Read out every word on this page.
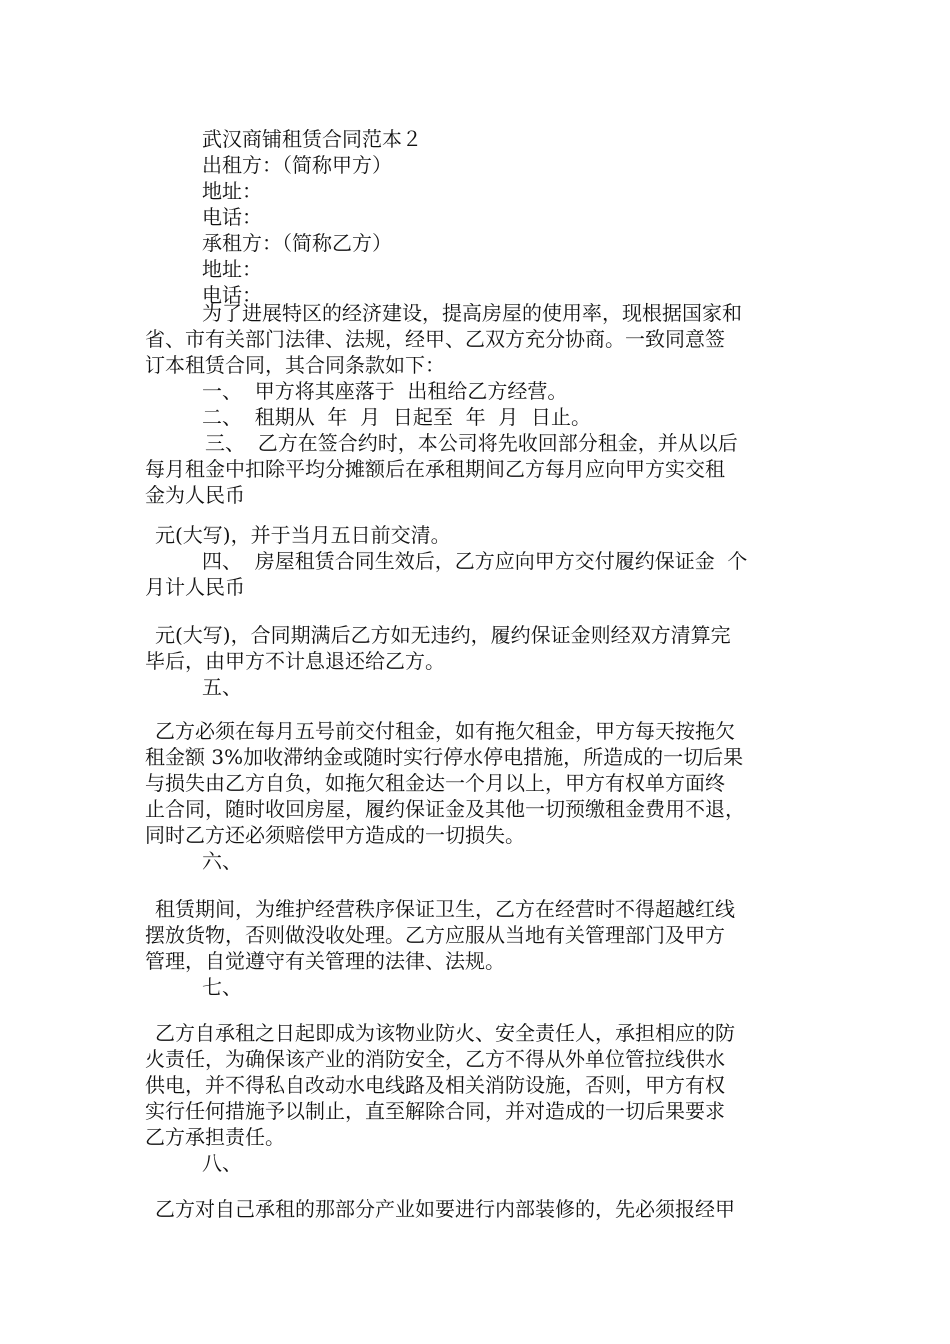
武汉商铺租赁合同范本２
出租方：（简称甲方）
地址：
电话：
承租方：（简称乙方）
地址：
电话：
为了进展特区的经济建设，提高房屋的使用率，现根据国家和
省、市有关部门法律、法规，经甲、乙双方充分协商。一致同意签
订本租赁合同，其合同条款如下：
一、  甲方将其座落于  出租给乙方经营。
二、  租期从  年  月  日起至  年  月  日止。
三、  乙方在签合约时，本公司将先收回部分租金，并从以后
每月租金中扣除平均分摊额后在承租期间乙方每月应向甲方实交租
金为人民币
元(大写)，并于当月五日前交清。
四、  房屋租赁合同生效后，乙方应向甲方交付履约保证金  个
月计人民币
元(大写)，合同期满后乙方如无违约，履约保证金则经双方清算完
毕后，由甲方不计息退还给乙方。
五、
乙方必须在每月五号前交付租金，如有拖欠租金，甲方每天按拖欠
租金额 3%加收滞纳金或随时实行停水停电措施，所造成的一切后果
与损失由乙方自负，如拖欠租金达一个月以上，甲方有权单方面终
止合同，随时收回房屋，履约保证金及其他一切预缴租金费用不退，
同时乙方还必须赔偿甲方造成的一切损失。
六、
租赁期间，为维护经营秩序保证卫生，乙方在经营时不得超越红线
摆放货物，否则做没收处理。乙方应服从当地有关管理部门及甲方
管理，自觉遵守有关管理的法律、法规。
七、
乙方自承租之日起即成为该物业防火、安全责任人，承担相应的防
火责任，为确保该产业的消防安全，乙方不得从外单位管拉线供水
供电，并不得私自改动水电线路及相关消防设施，否则，甲方有权
实行任何措施予以制止，直至解除合同，并对造成的一切后果要求
乙方承担责任。
八、
乙方对自己承租的那部分产业如要进行内部装修的，先必须报经甲
